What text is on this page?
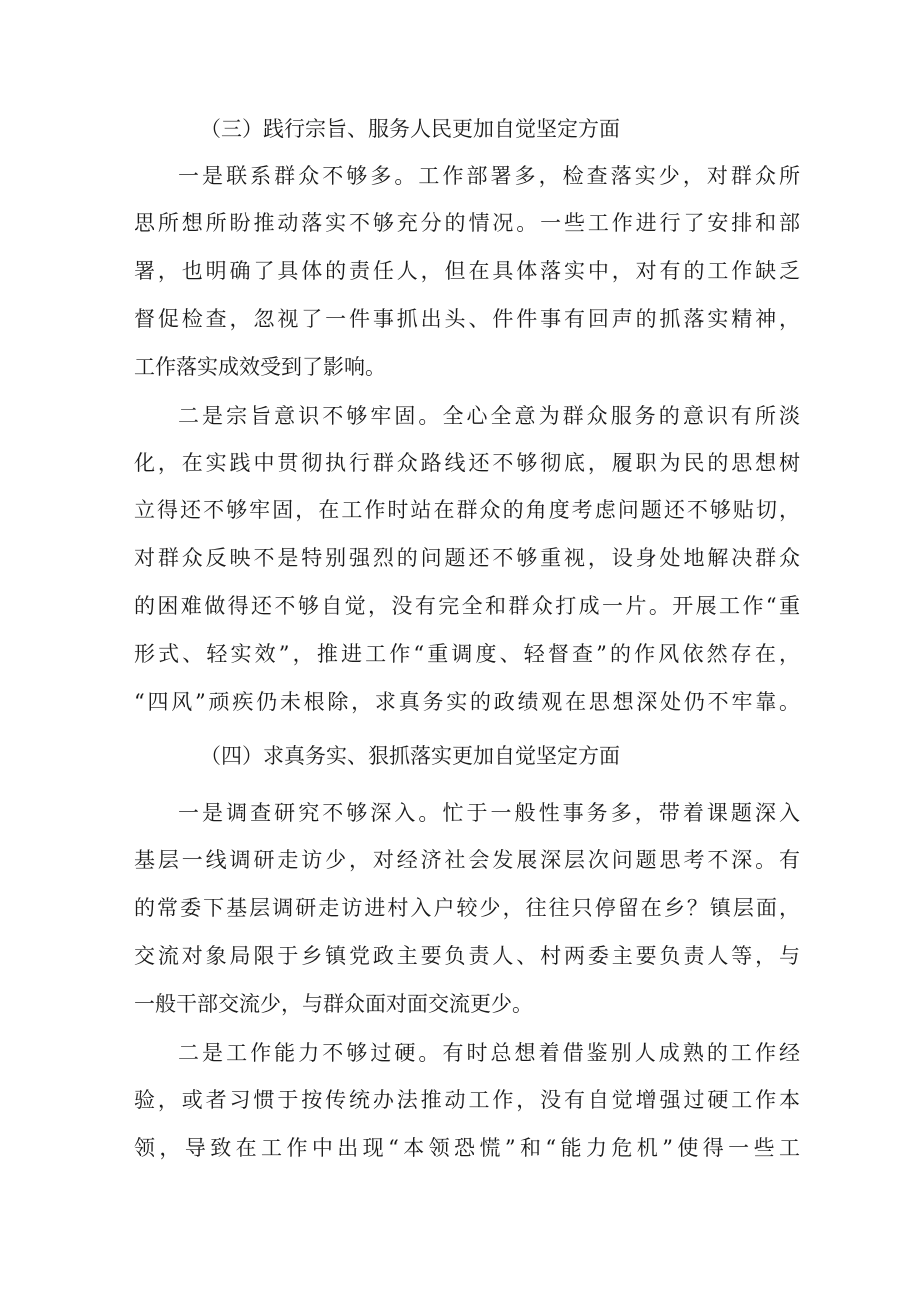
（三）践行宗旨、服务人民更加自觉坚定方面
一是联系群众不够多。工作部署多，检查落实少，对群众所
思所想所盼推动落实不够充分的情况。一些工作进行了安排和部
署，也明确了具体的责任人，但在具体落实中，对有的工作缺乏
督促检查，忽视了一件事抓出头、件件事有回声的抓落实精神，
工作落实成效受到了影响。
二是宗旨意识不够牢固。全心全意为群众服务的意识有所淡
化，在实践中贯彻执行群众路线还不够彻底，履职为民的思想树
立得还不够牢固，在工作时站在群众的角度考虑问题还不够贴切，
对群众反映不是特别强烈的问题还不够重视，设身处地解决群众
的困难做得还不够自觉，没有完全和群众打成一片。开展工作“重
形式、轻实效”，推进工作“重调度、轻督查”的作风依然存在，
“四风”顽疾仍未根除，求真务实的政绩观在思想深处仍不牢靠。
（四）求真务实、狠抓落实更加自觉坚定方面
一是调查研究不够深入。忙于一般性事务多，带着课题深入
基层一线调研走访少，对经济社会发展深层次问题思考不深。有
的常委下基层调研走访进村入户较少，往往只停留在乡？镇层面，
交流对象局限于乡镇党政主要负责人、村两委主要负责人等，与
一般干部交流少，与群众面对面交流更少。
二是工作能力不够过硬。有时总想着借鉴别人成熟的工作经
验，或者习惯于按传统办法推动工作，没有自觉增强过硬工作本
领，导致在工作中出现“本领恐慌”和“能力危机”使得一些工
